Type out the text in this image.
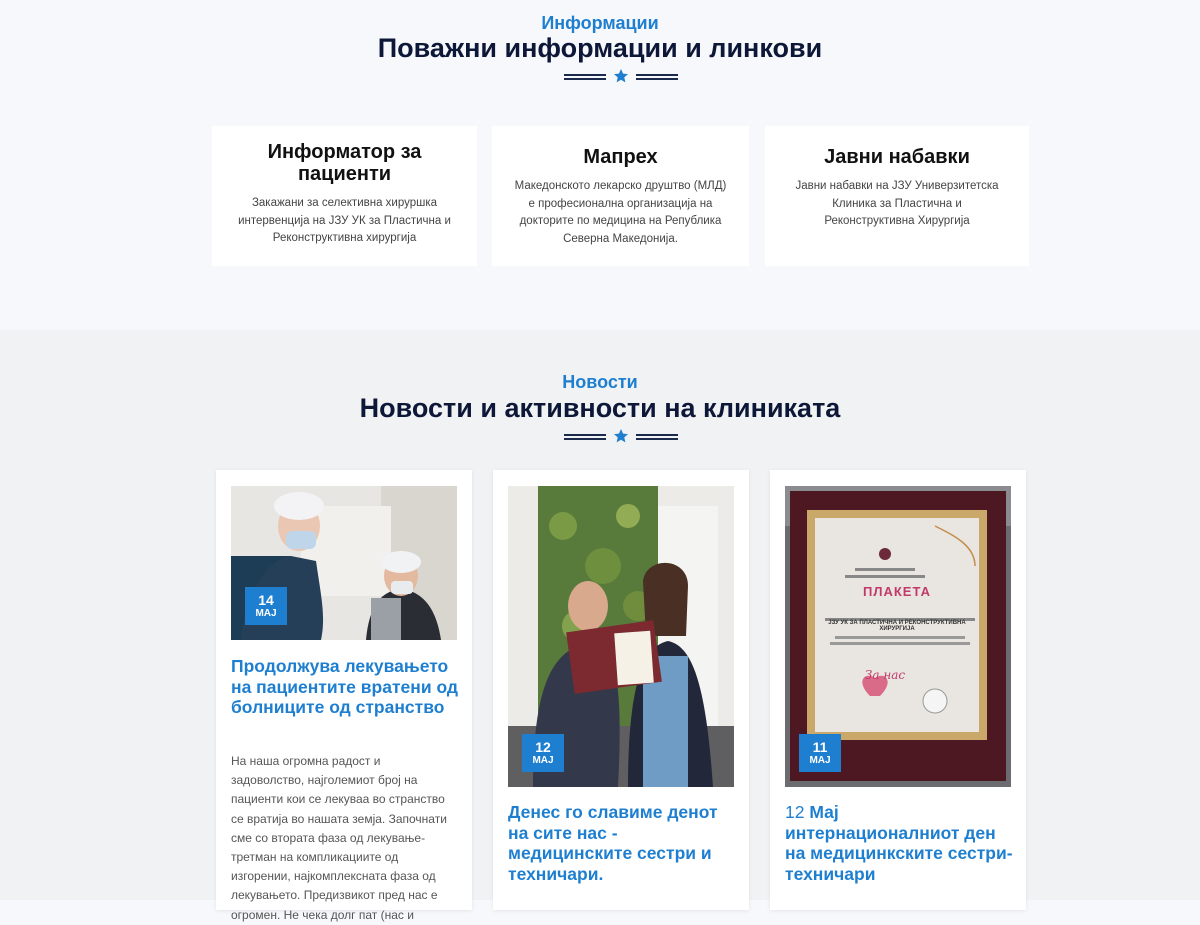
Информации
Поважни информации и линкови
Информатор за пациенти

Закажани за селективна хируршка интервенција на ЈЗУ УК за Пластична и Реконструктивна хирургија

Мапрех

Македонското лекарско друштво (МЛД) е професионална организација на докторите по медицина на Република Северна Македонија.

Јавни набавки

Јавни набавки на ЈЗУ Универзитетска Клиника за Пластична и Реконструктивна Хирургија

Новости
Новости и активности на клиниката
14
МАЈ
Продолжува лекувањето на пациентите вратени од болниците од странство

На наша огромна радост и задоволство, најголемиот број на пациенти кои се лекуваа во странство се вратија во нашата земја. Започнати сме со втората фаза од лекување-третман на компликациите од изгорении, најкомплексната фаза од лекувањето. Предизвикот пред нас е огромен. Не чека долг пат (нас и

12
МАЈ
Денес го славиме денот на сите нас - медицинските сестри и техничари.
ПЛАКЕТА
ЈЗУ УК ЗА ПЛАСТИЧНА И РЕКОНСТРУКТИВНА ХИРУРГИЈА
За нас
11
МАЈ
12 Мај интернационалниот ден на медицинкските сестри-техничари
